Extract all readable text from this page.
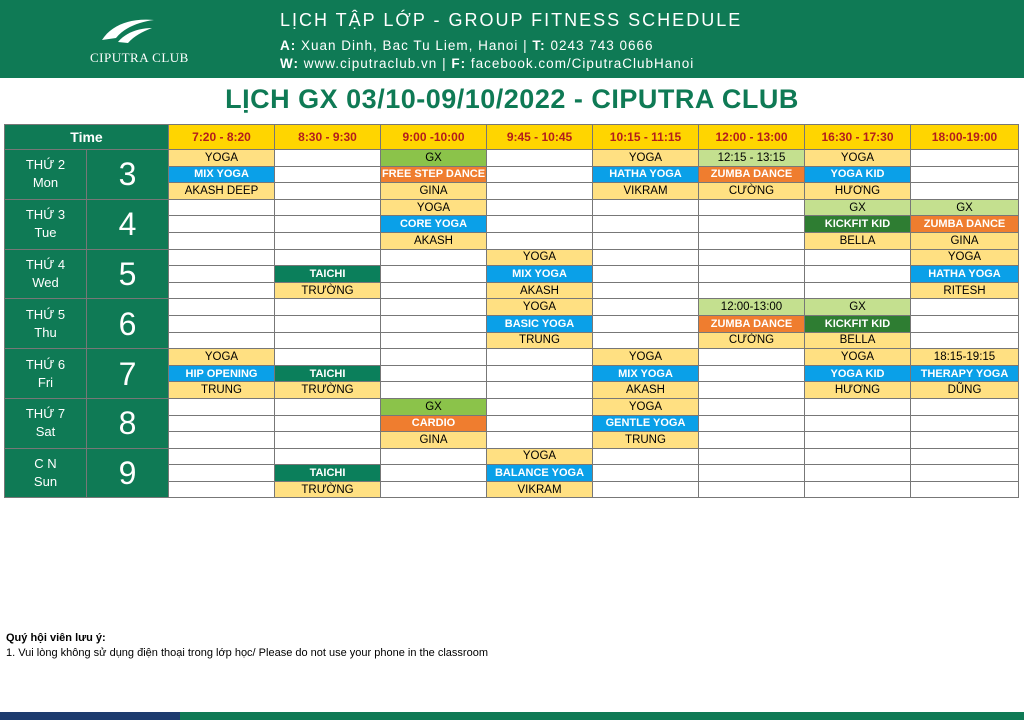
CIPUTRA CLUB
LỊCH TẬP LỚP - GROUP FITNESS SCHEDULE
A: Xuan Dinh, Bac Tu Liem, Hanoi | T: 0243 743 0666
W: www.ciputraclub.vn | F: facebook.com/CiputraClubHanoi
LỊCH GX 03/10-09/10/2022 - CIPUTRA CLUB
Time		7:20 - 8:20	8:30 - 9:30	9:00 -10:00	9:45 - 10:45	10:15 - 11:15	12:00 - 13:00	16:30 - 17:30	18:00-19:00

THỨ 2
Mon	3	YOGA		GX		YOGA	12:15 - 13:15	YOGA	
		MIX YOGA		FREE STEP DANCE		HATHA YOGA	ZUMBA DANCE	YOGA KID	
		AKASH DEEP		GINA		VIKRAM	CƯỜNG	HƯƠNG	

THỨ 3
Tue	4			YOGA				GX	GX
				CORE YOGA				KICKFIT KID	ZUMBA DANCE
				AKASH				BELLA	GINA

THỨ 4
Wed	5				YOGA				YOGA
			TAICHI		MIX YOGA				HATHA YOGA
			TRƯỜNG		AKASH				RITESH

THỨ 5
Thu	6				YOGA		12:00-13:00	GX	
					BASIC YOGA		ZUMBA DANCE	KICKFIT KID	
					TRUNG		CƯỜNG	BELLA	

THỨ 6
Fri	7	YOGA				YOGA		YOGA	18:15-19:15
		HIP OPENING	TAICHI			MIX YOGA		YOGA KID	THERAPY YOGA
		TRUNG	TRƯỜNG			AKASH		HƯƠNG	DŨNG

THỨ 7
Sat	8			GX		YOGA			
				CARDIO		GENTLE YOGA			
				GINA		TRUNG			

C N
Sun	9				YOGA				
			TAICHI		BALANCE YOGA				
			TRƯỜNG		VIKRAM				
Quý hội viên lưu ý:
1. Vui lòng không sử dụng điện thoại trong lớp học/ Please do not use your phone in the classroom
